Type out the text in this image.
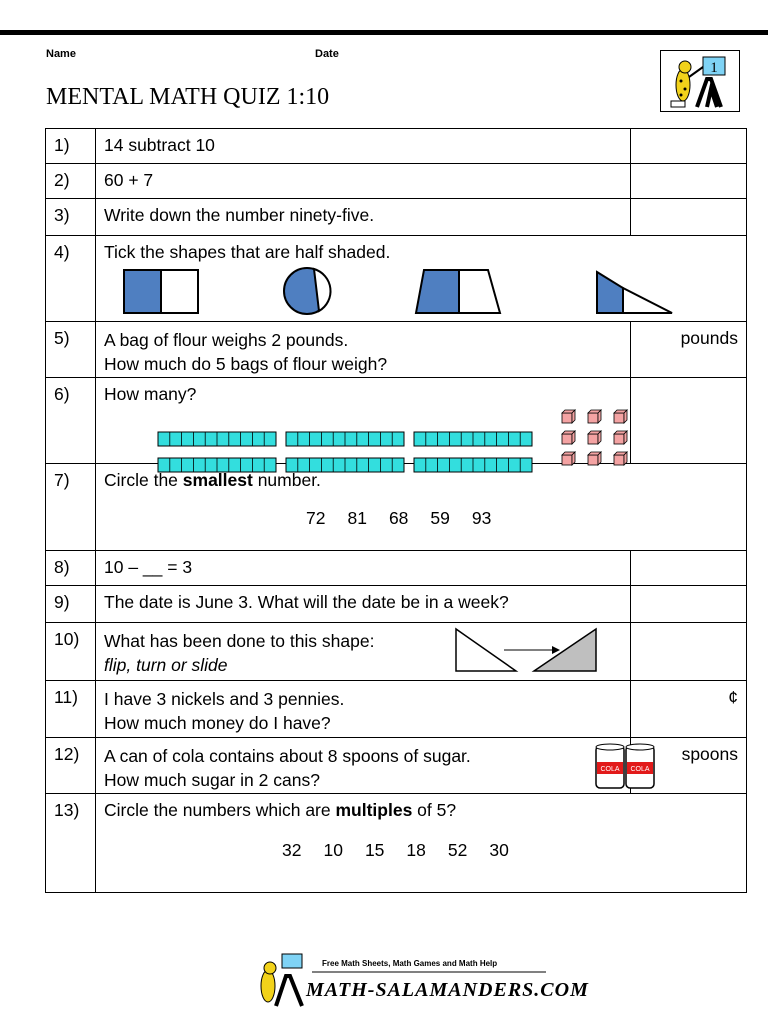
Name	Date
MENTAL MATH QUIZ 1:10
1
1)	14 subtract 10	
2)	60 + 7	
3)	Write down the number ninety-five.	
4)	Tick the shapes that are half shaded.	

5)	A bag of flour weighs 2 pounds.
How much do 5 bags of flour weigh?	pounds
6)	How many?

7)	Circle the smallest number.
72 81 68 59 93	

8)	10 – __ = 3	
9)	The date is June 3. What will the date be in a week?	
10)	What has been done to this shape:
flip, turn or slide	

11)	I have 3 nickels and 3 pennies.
How much money do I have?	¢
12)	A can of cola contains about 8 spoons of sugar.
How much sugar in 2 cans?
COLA COLA	spoons
13)	Circle the numbers which are multiples of 5?
32 10 15 18 52 30	
Free Math Sheets, Math Games and Math Help
MATH-SALAMANDERS.COM
